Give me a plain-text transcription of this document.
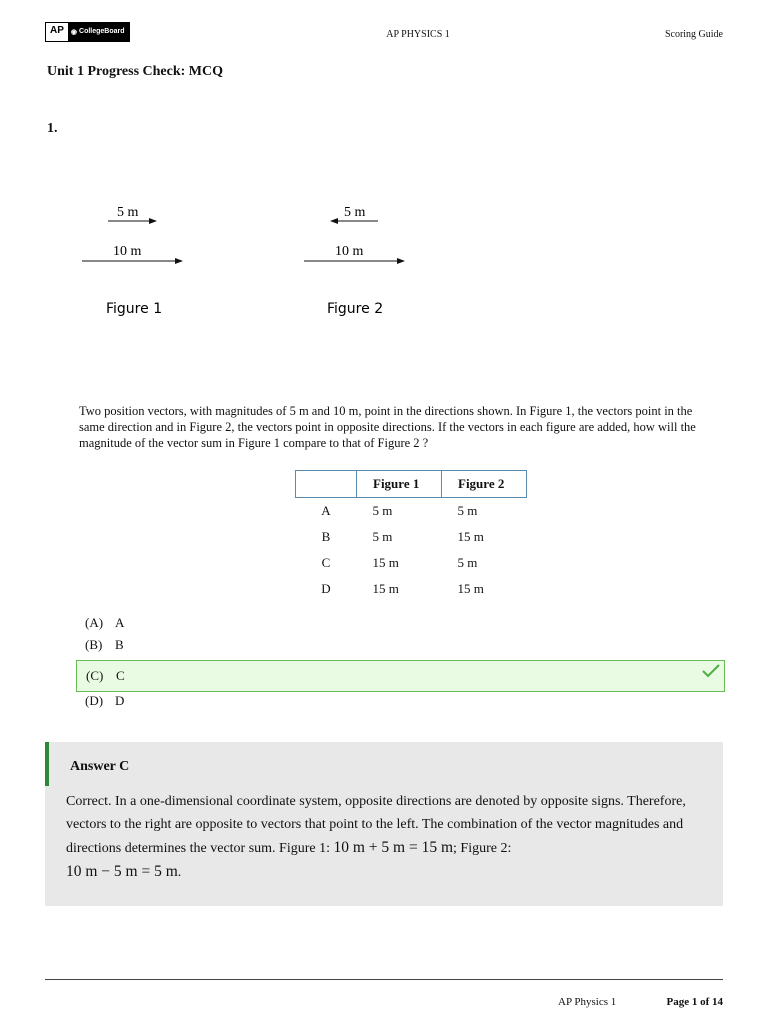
AP	◉ CollegeBoard	AP PHYSICS 1	Scoring Guide
Unit 1 Progress Check: MCQ
1.
5 m
10 m
Figure 1
5 m
10 m
Figure 2
Two position vectors, with magnitudes of 5 m and 10 m, point in the directions shown. In Figure 1, the vectors point in the same direction and in Figure 2, the vectors point in opposite directions. If the vectors in each figure are added, how will the magnitude of the vector sum in Figure 1 compare to that of Figure 2 ?
	Figure 1	Figure 2
A	5 m	5 m
B	5 m	15 m
C	15 m	5 m
D	15 m	15 m
(A) A
(B) B
(C) C
(D) D
Answer C
Correct. In a one-dimensional coordinate system, opposite directions are denoted by opposite signs. Therefore, vectors to the right are opposite to vectors that point to the left. The combination of the vector magnitudes and directions determines the vector sum. Figure 1: 10 m + 5 m = 15 m; Figure 2:
10 m − 5 m = 5 m.
AP Physics 1	Page 1 of 14
